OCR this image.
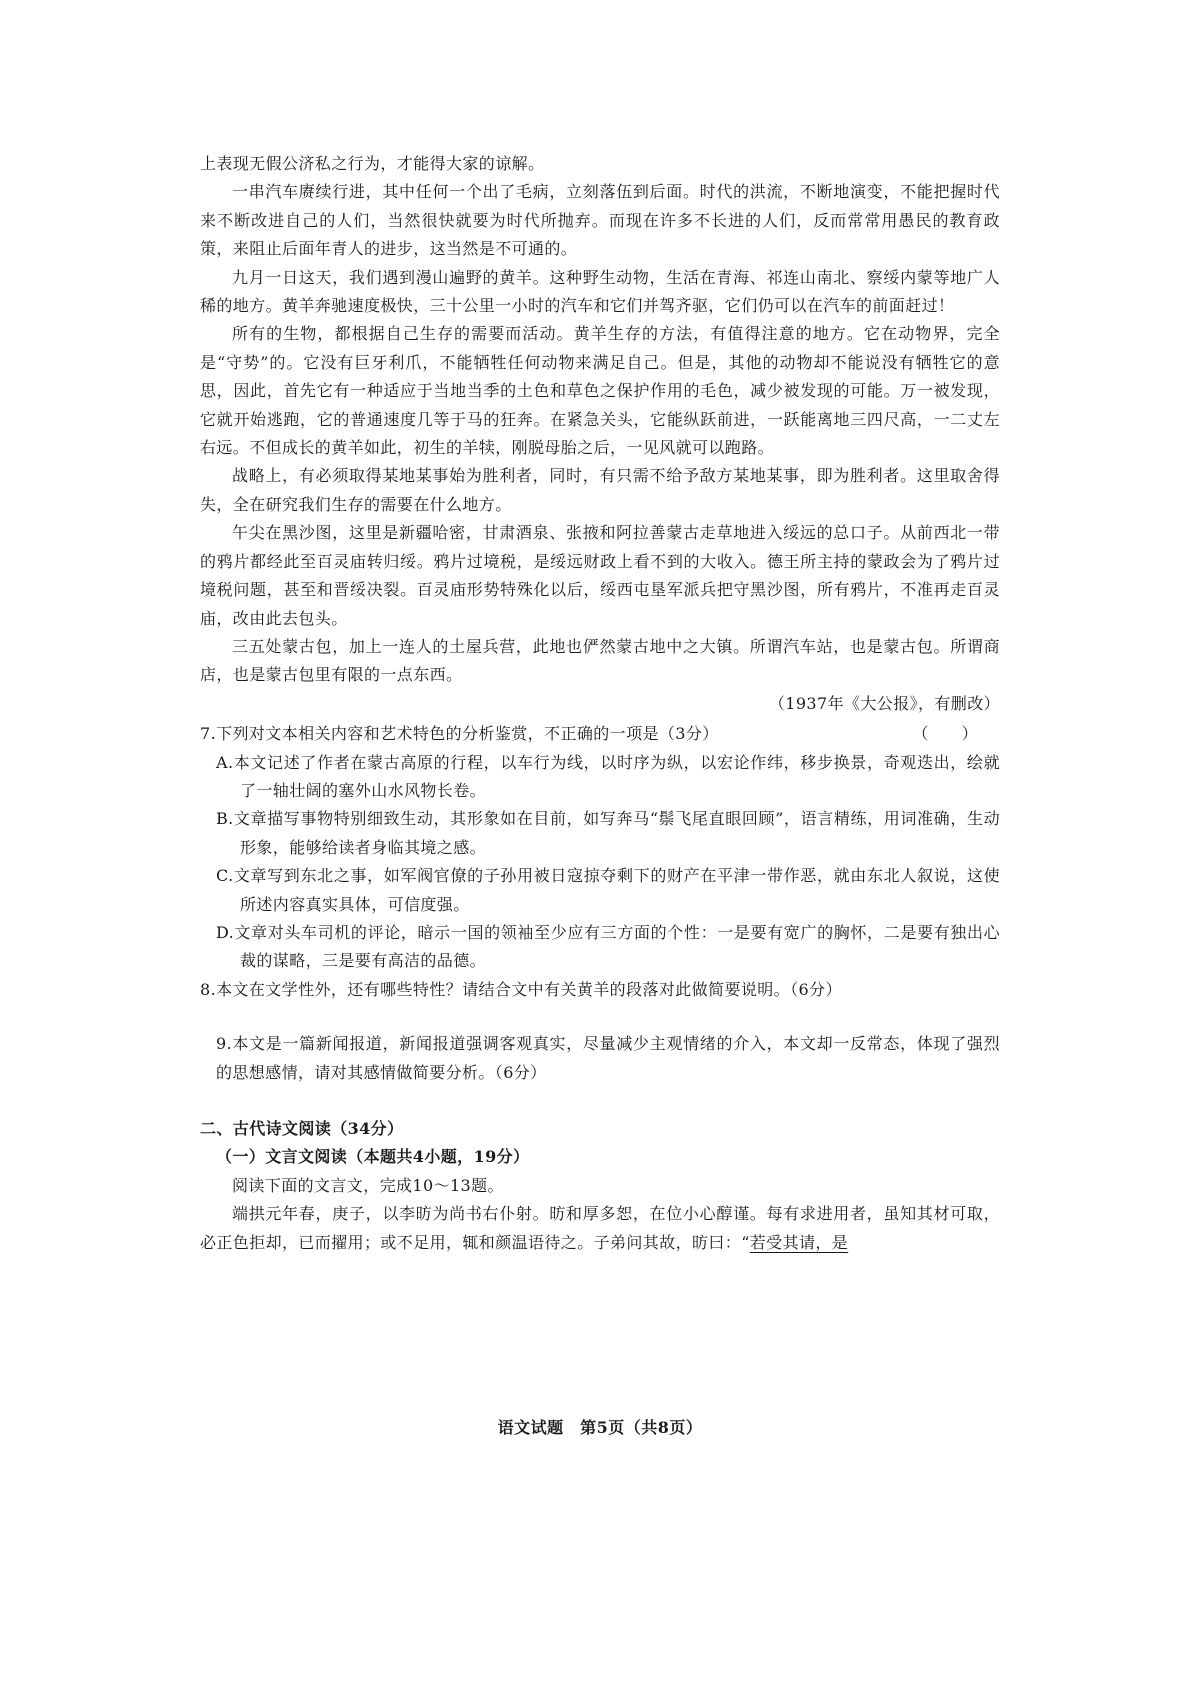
上表现无假公济私之行为，才能得大家的谅解。

一串汽车赓续行进，其中任何一个出了毛病，立刻落伍到后面。时代的洪流，不断地演变，不能把握时代来不断改进自己的人们，当然很快就要为时代所抛弃。而现在许多不长进的人们，反而常常用愚民的教育政策，来阻止后面年青人的进步，这当然是不可通的。

九月一日这天，我们遇到漫山遍野的黄羊。这种野生动物，生活在青海、祁连山南北、察绥内蒙等地广人稀的地方。黄羊奔驰速度极快，三十公里一小时的汽车和它们并驾齐驱，它们仍可以在汽车的前面赶过！

所有的生物，都根据自己生存的需要而活动。黄羊生存的方法，有值得注意的地方。它在动物界，完全是“守势”的。它没有巨牙利爪，不能牺牲任何动物来满足自己。但是，其他的动物却不能说没有牺牲它的意思，因此，首先它有一种适应于当地当季的土色和草色之保护作用的毛色，减少被发现的可能。万一被发现，它就开始逃跑，它的普通速度几等于马的狂奔。在紧急关头，它能纵跃前进，一跃能离地三四尺高，一二丈左右远。不但成长的黄羊如此，初生的羊犊，刚脱母胎之后，一见风就可以跑路。

战略上，有必须取得某地某事始为胜利者，同时，有只需不给予敌方某地某事，即为胜利者。这里取舍得失，全在研究我们生存的需要在什么地方。

午尖在黑沙图，这里是新疆哈密，甘肃酒泉、张掖和阿拉善蒙古走草地进入绥远的总口子。从前西北一带的鸦片都经此至百灵庙转归绥。鸦片过境税，是绥远财政上看不到的大收入。德王所主持的蒙政会为了鸦片过境税问题，甚至和晋绥决裂。百灵庙形势特殊化以后，绥西屯垦军派兵把守黑沙图，所有鸦片，不准再走百灵庙，改由此去包头。

三五处蒙古包，加上一连人的土屋兵营，此地也俨然蒙古地中之大镇。所谓汽车站，也是蒙古包。所谓商店，也是蒙古包里有限的一点东西。

（1937年《大公报》，有删改）

7.下列对文本相关内容和艺术特色的分析鉴赏，不正确的一项是（3分）	（　　）

A.本文记述了作者在蒙古高原的行程，以车行为线，以时序为纵，以宏论作纬，移步换景，奇观迭出，绘就了一轴壮阔的塞外山水风物长卷。

B.文章描写事物特别细致生动，其形象如在目前，如写奔马“鬃飞尾直眼回顾”，语言精练，用词准确，生动形象，能够给读者身临其境之感。

C.文章写到东北之事，如军阀官僚的子孙用被日寇掠夺剩下的财产在平津一带作恶，就由东北人叙说，这使所述内容真实具体，可信度强。

D.文章对头车司机的评论，暗示一国的领袖至少应有三方面的个性：一是要有宽广的胸怀，二是要有独出心裁的谋略，三是要有高洁的品德。

8.本文在文学性外，还有哪些特性？请结合文中有关黄羊的段落对此做简要说明。（6分）

9.本文是一篇新闻报道，新闻报道强调客观真实，尽量减少主观情绪的介入，本文却一反常态，体现了强烈的思想感情，请对其感情做简要分析。（6分）

二、古代诗文阅读（34分）

（一）文言文阅读（本题共4小题，19分）

阅读下面的文言文，完成10～13题。

端拱元年春，庚子，以李昉为尚书右仆射。昉和厚多恕，在位小心醇谨。每有求进用者，虽知其材可取，必正色拒却，已而擢用；或不足用，辄和颜温语待之。子弟问其故，昉曰：“若受其请，是

语文试题　第5页（共8页）
